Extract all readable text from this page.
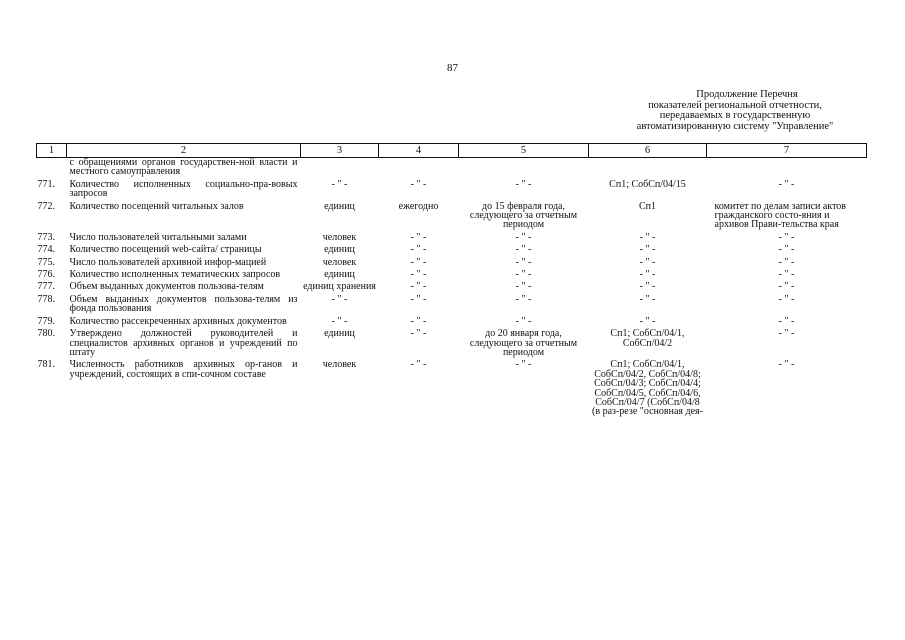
87
Продолжение Перечня
показателей региональной отчетности,
передаваемых в государственную
автоматизированную систему "Управление"
1	2	3	4	5	6	7
	с обращениями органов государствен-ной власти и местного самоуправления					

771.	Количество исполненных социально-пра-вовых запросов	- " -	- " -	- " -	Сп1; СобСп/04/15	- " -

772.	Количество посещений читальных залов	единиц	ежегодно	до 15 февраля года, следующего за отчетным периодом	Сп1	комитет по делам записи актов гражданского состо-яния и архивов Прави-тельства края

773.	Число пользователей читальными залами	человек	- " -	- " -	- " -	- " -

774.	Количество посещений web-сайта/ страницы	единиц	- " -	- " -	- " -	- " -

775.	Число пользователей архивной инфор-мацией	человек	- " -	- " -	- " -	- " -

776.	Количество исполненных тематических запросов	единиц	- " -	- " -	- " -	- " -

777.	Объем выданных документов пользова-телям	единиц хранения	- " -	- " -	- " -	- " -

778.	Объем выданных документов пользова-телям из фонда пользования	- " -	- " -	- " -	- " -	- " -

779.	Количество рассекреченных архивных документов	- " -	- " -	- " -	- " -	- " -

780.	Утверждено должностей руководителей и специалистов архивных органов и учреждений по штату	единиц	- " -	до 20 января года, следующего за отчетным периодом	Сп1; СобСп/04/1, СобСп/04/2	- " -

781.	Численность работников архивных ор-ганов и учреждений, состоящих в спи-сочном составе	человек	- " -	- " -	Сп1; СобСп/04/1, СобСп/04/2, СобСп/04/8; СобСп/04/3; СобСп/04/4; СобСп/04/5, СобСп/04/6, СобСп/04/7 (СобСп/04/8 (в раз-резе "основная дея-	- " -
